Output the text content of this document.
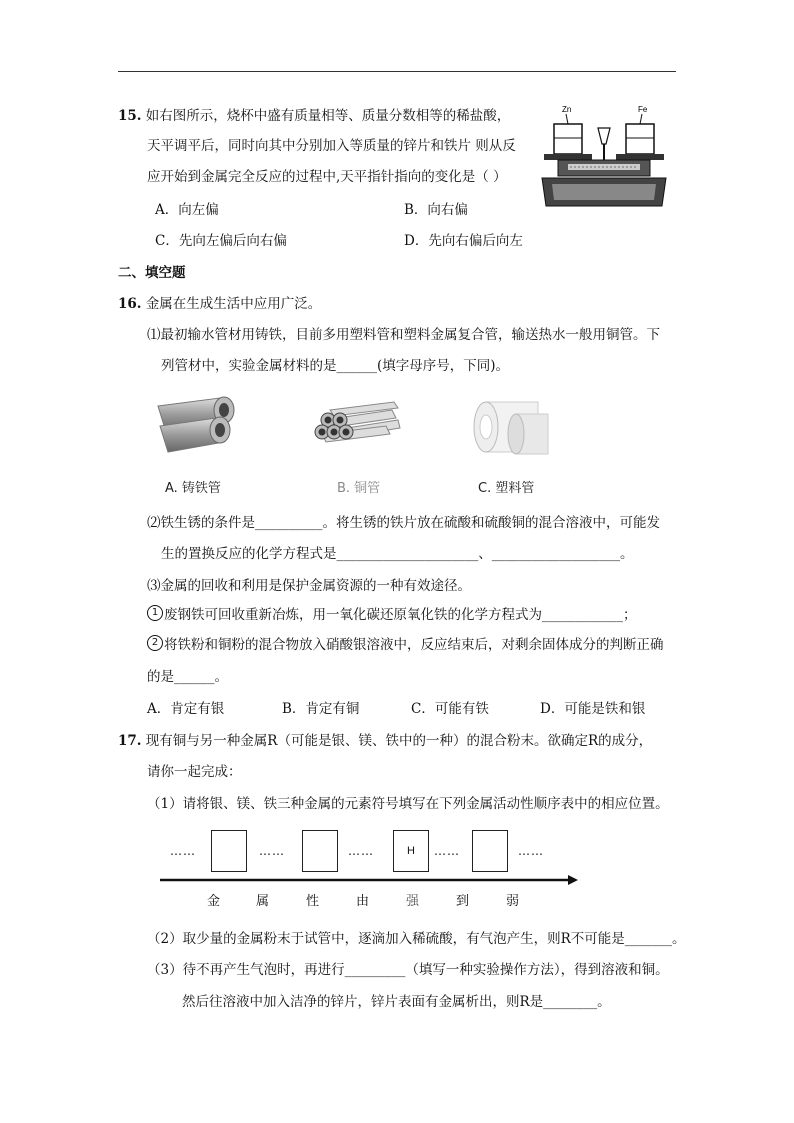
15. 如右图所示，烧杯中盛有质量相等、质量分数相等的稀盐酸，
天平调平后，同时向其中分别加入等质量的锌片和铁片 则从反
应开始到金属完全反应的过程中,天平指针指向的变化是（ ）
Zn	Fe
A．向左偏	B．向右偏
C．先向左偏后向右偏	D．先向右偏后向左
二、填空题
16. 金属在生成生活中应用广泛。
⑴最初输水管材用铸铁，目前多用塑料管和塑料金属复合管，输送热水一般用铜管。下
列管材中，实验金属材料的是______(填字母序号，下同)。
A. 铸铁管	B. 铜管	C. 塑料管
⑵铁生锈的条件是__________。将生锈的铁片放在硫酸和硫酸铜的混合溶液中，可能发
生的置换反应的化学方程式是_____________________、___________________。
⑶金属的回收和利用是保护金属资源的一种有效途径。
1 废钢铁可回收重新冶炼，用一氧化碳还原氧化铁的化学方程式为____________；
2 将铁粉和铜粉的混合物放入硝酸银溶液中，反应结束后，对剩余固体成分的判断正确
的是______。
A．肯定有银	B．肯定有铜	C．可能有铁	D．可能是铁和银
17. 现有铜与另一种金属R（可能是银、镁、铁中的一种）的混合粉末。欲确定R的成分，
请你一起完成：
（1）请将银、镁、铁三种金属的元素符号填写在下列金属活动性顺序表中的相应位置。
……	……	……	H	……	……
金	属	性	由	强	到	弱
（2）取少量的金属粉末于试管中，逐滴加入稀硫酸，有气泡产生，则R不可能是_______。
（3）待不再产生气泡时，再进行_________（填写一种实验操作方法），得到溶液和铜。
然后往溶液中加入洁净的锌片，锌片表面有金属析出，则R是________。
